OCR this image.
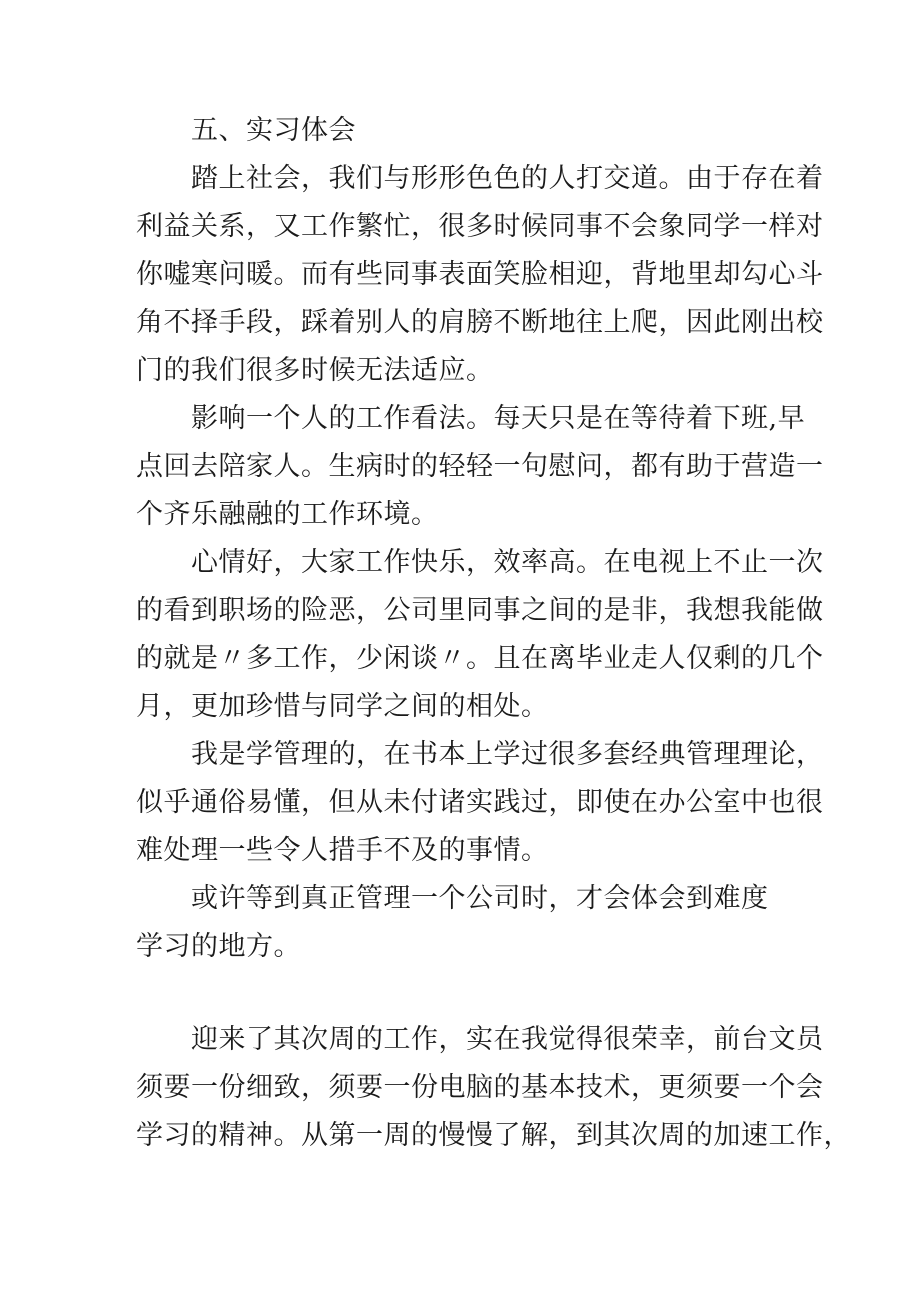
五、实习体会

踏上社会，我们与形形色色的人打交道。由于存在着

利益关系，又工作繁忙，很多时候同事不会象同学一样对

你嘘寒问暖。而有些同事表面笑脸相迎，背地里却勾心斗

角不择手段，踩着别人的肩膀不断地往上爬，因此刚出校

门的我们很多时候无法适应。

影响一个人的工作看法。每天只是在等待着下班,早

点回去陪家人。生病时的轻轻一句慰问，都有助于营造一

个齐乐融融的工作环境。

心情好，大家工作快乐，效率高。在电视上不止一次

的看到职场的险恶，公司里同事之间的是非，我想我能做

的就是〃多工作，少闲谈〃。且在离毕业走人仅剩的几个

月，更加珍惜与同学之间的相处。

我是学管理的，在书本上学过很多套经典管理理论，

似乎通俗易懂，但从未付诸实践过，即使在办公室中也很

难处理一些令人措手不及的事情。

或许等到真正管理一个公司时，才会体会到难度

学习的地方。

迎来了其次周的工作，实在我觉得很荣幸，前台文员

须要一份细致，须要一份电脑的基本技术，更须要一个会

学习的精神。从第一周的慢慢了解，到其次周的加速工作，
